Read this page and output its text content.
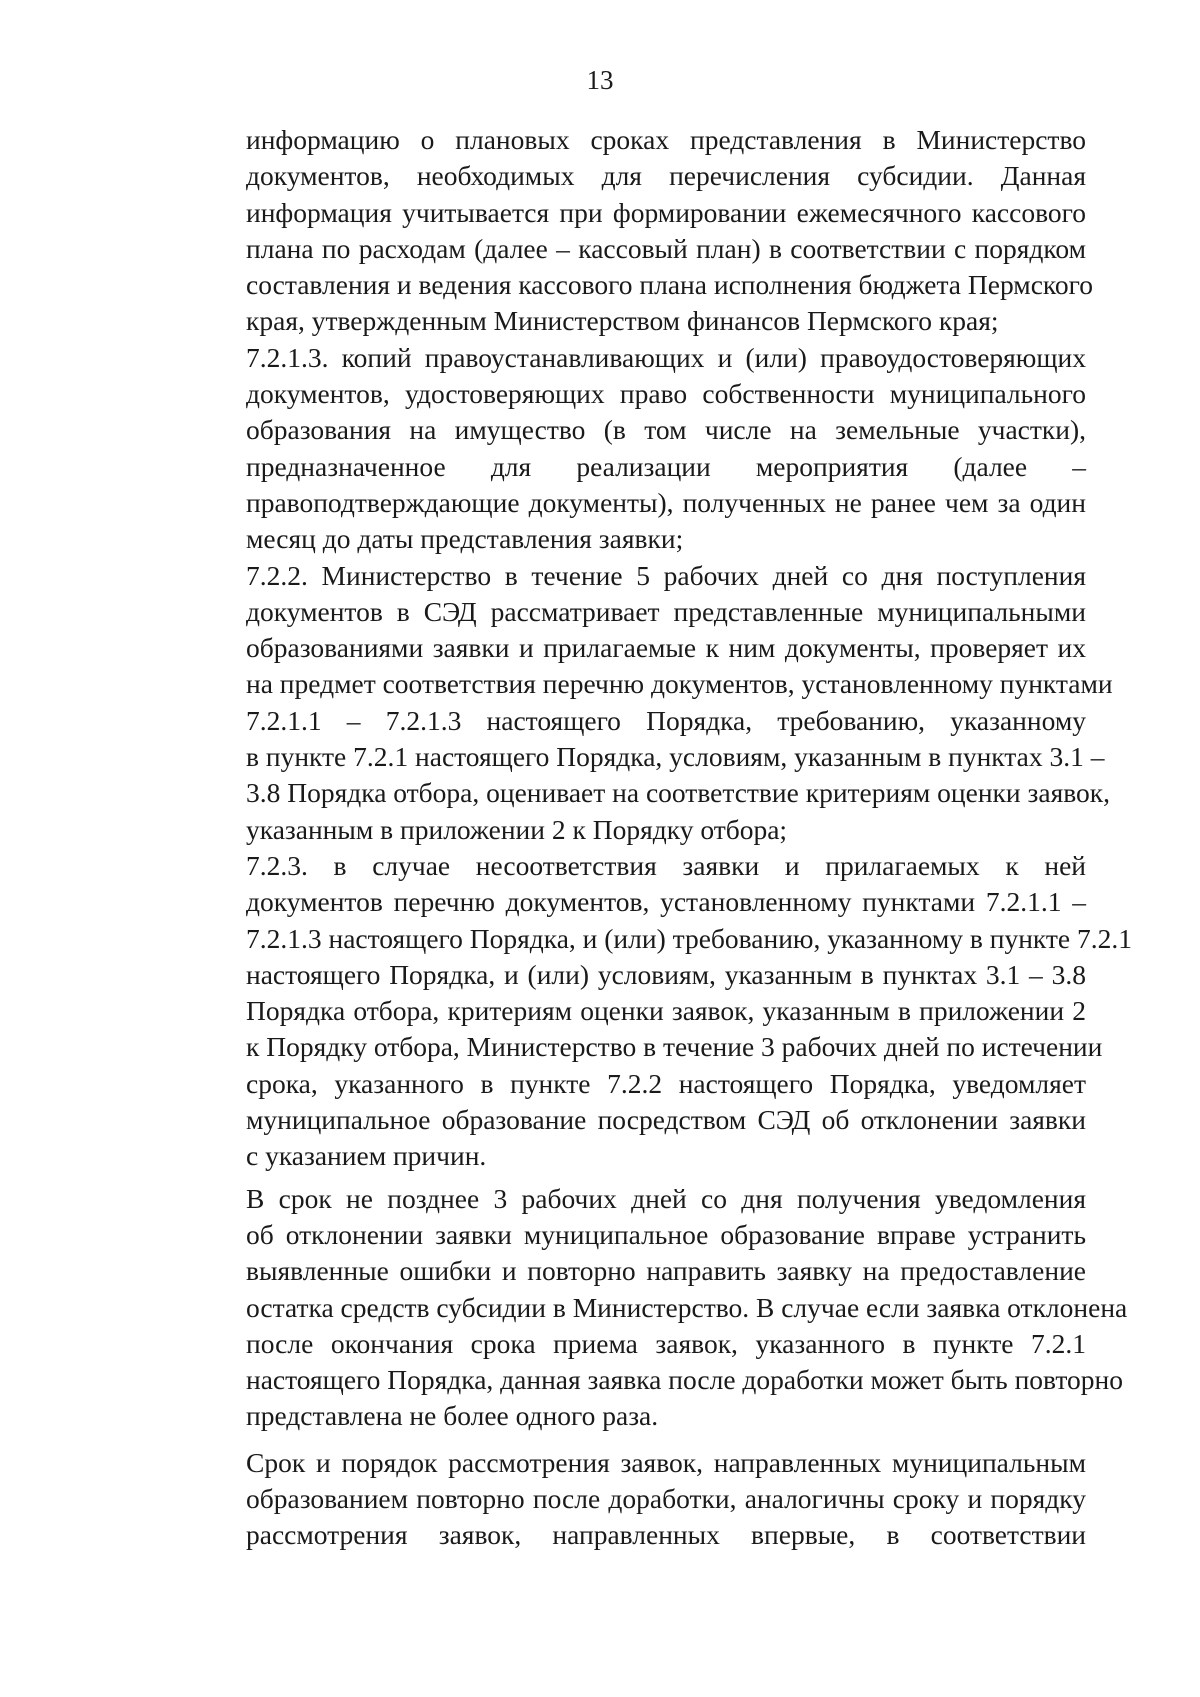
13
информацию о плановых сроках представления в Министерство
документов, необходимых для перечисления субсидии. Данная
информация учитывается при формировании ежемесячного кассового
плана по расходам (далее – кассовый план) в соответствии с порядком
составления и ведения кассового плана исполнения бюджета Пермского
края, утвержденным Министерством финансов Пермского края;
7.2.1.3. копий правоустанавливающих и (или) правоудостоверяющих
документов, удостоверяющих право собственности муниципального
образования на имущество (в том числе на земельные участки),
предназначенное для реализации мероприятия (далее –
правоподтверждающие документы), полученных не ранее чем за один
месяц до даты представления заявки;
7.2.2. Министерство в течение 5 рабочих дней со дня поступления
документов в СЭД рассматривает представленные муниципальными
образованиями заявки и прилагаемые к ним документы, проверяет их
на предмет соответствия перечню документов, установленному пунктами
7.2.1.1 – 7.2.1.3 настоящего Порядка, требованию, указанному
в пункте 7.2.1 настоящего Порядка, условиям, указанным в пунктах 3.1 –
3.8 Порядка отбора, оценивает на соответствие критериям оценки заявок,
указанным в приложении 2 к Порядку отбора;
7.2.3. в случае несоответствия заявки и прилагаемых к ней
документов перечню документов, установленному пунктами 7.2.1.1 –
7.2.1.3 настоящего Порядка, и (или) требованию, указанному в пункте 7.2.1
настоящего Порядка, и (или) условиям, указанным в пунктах 3.1 – 3.8
Порядка отбора, критериям оценки заявок, указанным в приложении 2
к Порядку отбора, Министерство в течение 3 рабочих дней по истечении
срока, указанного в пункте 7.2.2 настоящего Порядка, уведомляет
муниципальное образование посредством СЭД об отклонении заявки
с указанием причин.
В срок не позднее 3 рабочих дней со дня получения уведомления
об отклонении заявки муниципальное образование вправе устранить
выявленные ошибки и повторно направить заявку на предоставление
остатка средств субсидии в Министерство. В случае если заявка отклонена
после окончания срока приема заявок, указанного в пункте 7.2.1
настоящего Порядка, данная заявка после доработки может быть повторно
представлена не более одного раза.
Срок и порядок рассмотрения заявок, направленных муниципальным
образованием повторно после доработки, аналогичны сроку и порядку
рассмотрения заявок, направленных впервые, в соответствии
